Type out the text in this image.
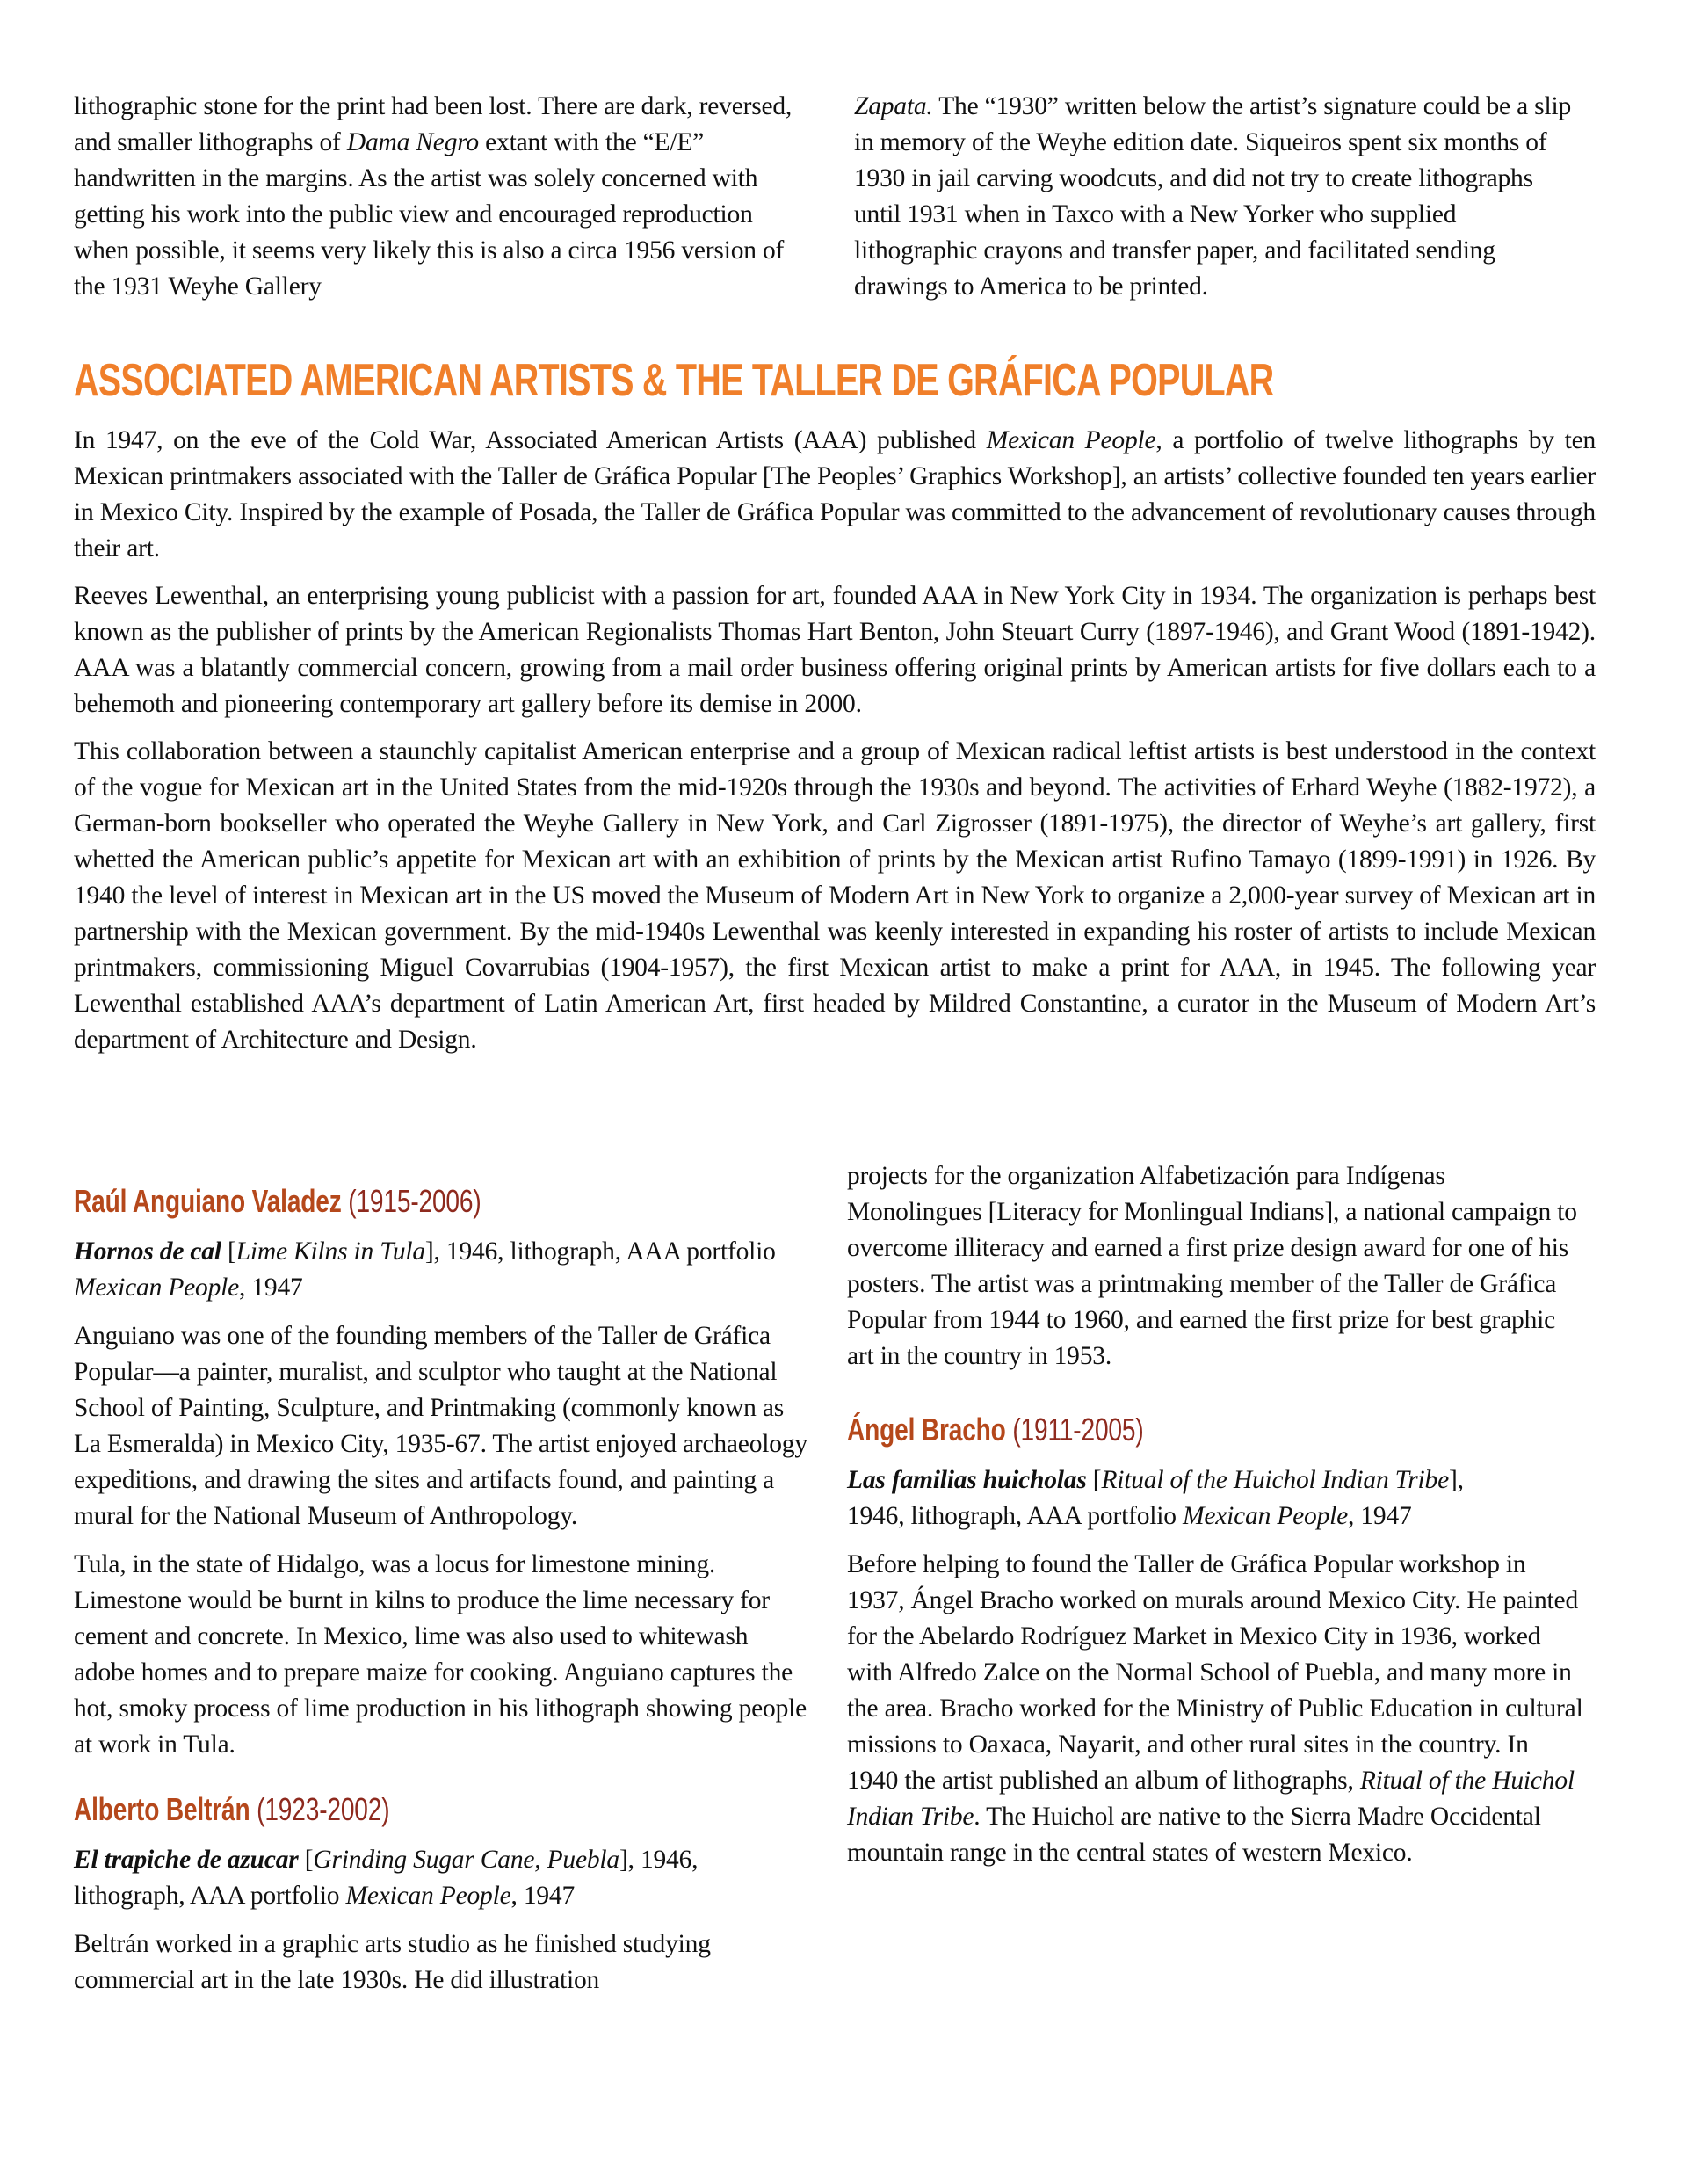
lithographic stone for the print had been lost. There are dark, reversed, and smaller lithographs of Dama Negro extant with the “E/E” handwritten in the margins. As the artist was solely concerned with getting his work into the public view and encouraged reproduction when possible, it seems very likely this is also a circa 1956 version of the 1931 Weyhe Gallery

Zapata. The “1930” written below the artist’s signature could be a slip in memory of the Weyhe edition date. Siqueiros spent six months of 1930 in jail carving woodcuts, and did not try to create lithographs until 1931 when in Taxco with a New Yorker who supplied lithographic crayons and transfer paper, and facilitated sending drawings to America to be printed.

ASSOCIATED AMERICAN ARTISTS & THE TALLER DE GRÁFICA POPULAR

In 1947, on the eve of the Cold War, Associated American Artists (AAA) published Mexican People, a portfolio of twelve lithographs by ten Mexican printmakers associated with the Taller de Gráfica Popular [The Peoples’ Graphics Workshop], an artists’ collective founded ten years earlier in Mexico City. Inspired by the example of Posada, the Taller de Gráfica Popular was committed to the advancement of revolutionary causes through their art.

Reeves Lewenthal, an enterprising young publicist with a passion for art, founded AAA in New York City in 1934. The organization is perhaps best known as the publisher of prints by the American Regionalists Thomas Hart Benton, John Steuart Curry (1897-1946), and Grant Wood (1891-1942). AAA was a blatantly commercial concern, growing from a mail order business offering original prints by American artists for five dollars each to a behemoth and pioneering contemporary art gallery before its demise in 2000.

This collaboration between a staunchly capitalist American enterprise and a group of Mexican radical leftist artists is best understood in the context of the vogue for Mexican art in the United States from the mid-1920s through the 1930s and beyond. The activities of Erhard Weyhe (1882-1972), a German-born bookseller who operated the Weyhe Gallery in New York, and Carl Zigrosser (1891-1975), the director of Weyhe’s art gallery, first whetted the American public’s appetite for Mexican art with an exhibition of prints by the Mexican artist Rufino Tamayo (1899-1991) in 1926. By 1940 the level of interest in Mexican art in the US moved the Museum of Modern Art in New York to organize a 2,000-year survey of Mexican art in partnership with the Mexican government. By the mid-1940s Lewenthal was keenly interested in expanding his roster of artists to include Mexican printmakers, commissioning Miguel Covarrubias (1904-1957), the first Mexican artist to make a print for AAA, in 1945. The following year Lewenthal established AAA’s department of Latin American Art, first headed by Mildred Constantine, a curator in the Museum of Modern Art’s department of Architecture and Design.

Raúl Anguiano Valadez (1915-2006)

Hornos de cal [Lime Kilns in Tula], 1946, lithograph, AAA portfolio Mexican People, 1947

Anguiano was one of the founding members of the Taller de Gráfica Popular—a painter, muralist, and sculptor who taught at the National School of Painting, Sculpture, and Printmaking (commonly known as La Esmeralda) in Mexico City, 1935-67. The artist enjoyed archaeology expeditions, and drawing the sites and artifacts found, and painting a mural for the National Museum of Anthropology.

Tula, in the state of Hidalgo, was a locus for limestone mining. Limestone would be burnt in kilns to produce the lime necessary for cement and concrete. In Mexico, lime was also used to whitewash adobe homes and to prepare maize for cooking. Anguiano captures the hot, smoky process of lime production in his lithograph showing people at work in Tula.

Alberto Beltrán (1923-2002)

El trapiche de azucar [Grinding Sugar Cane, Puebla], 1946, lithograph, AAA portfolio Mexican People, 1947

Beltrán worked in a graphic arts studio as he finished studying commercial art in the late 1930s. He did illustration

projects for the organization Alfabetización para Indígenas Monolingues [Literacy for Monlingual Indians], a national campaign to overcome illiteracy and earned a first prize design award for one of his posters. The artist was a printmaking member of the Taller de Gráfica Popular from 1944 to 1960, and earned the first prize for best graphic art in the country in 1953.

Ángel Bracho (1911-2005)

Las familias huicholas [Ritual of the Huichol Indian Tribe],
1946, lithograph, AAA portfolio Mexican People, 1947

Before helping to found the Taller de Gráfica Popular workshop in 1937, Ángel Bracho worked on murals around Mexico City. He painted for the Abelardo Rodríguez Market in Mexico City in 1936, worked with Alfredo Zalce on the Normal School of Puebla, and many more in the area. Bracho worked for the Ministry of Public Education in cultural missions to Oaxaca, Nayarit, and other rural sites in the country. In 1940 the artist published an album of lithographs, Ritual of the Huichol Indian Tribe. The Huichol are native to the Sierra Madre Occidental mountain range in the central states of western Mexico.
